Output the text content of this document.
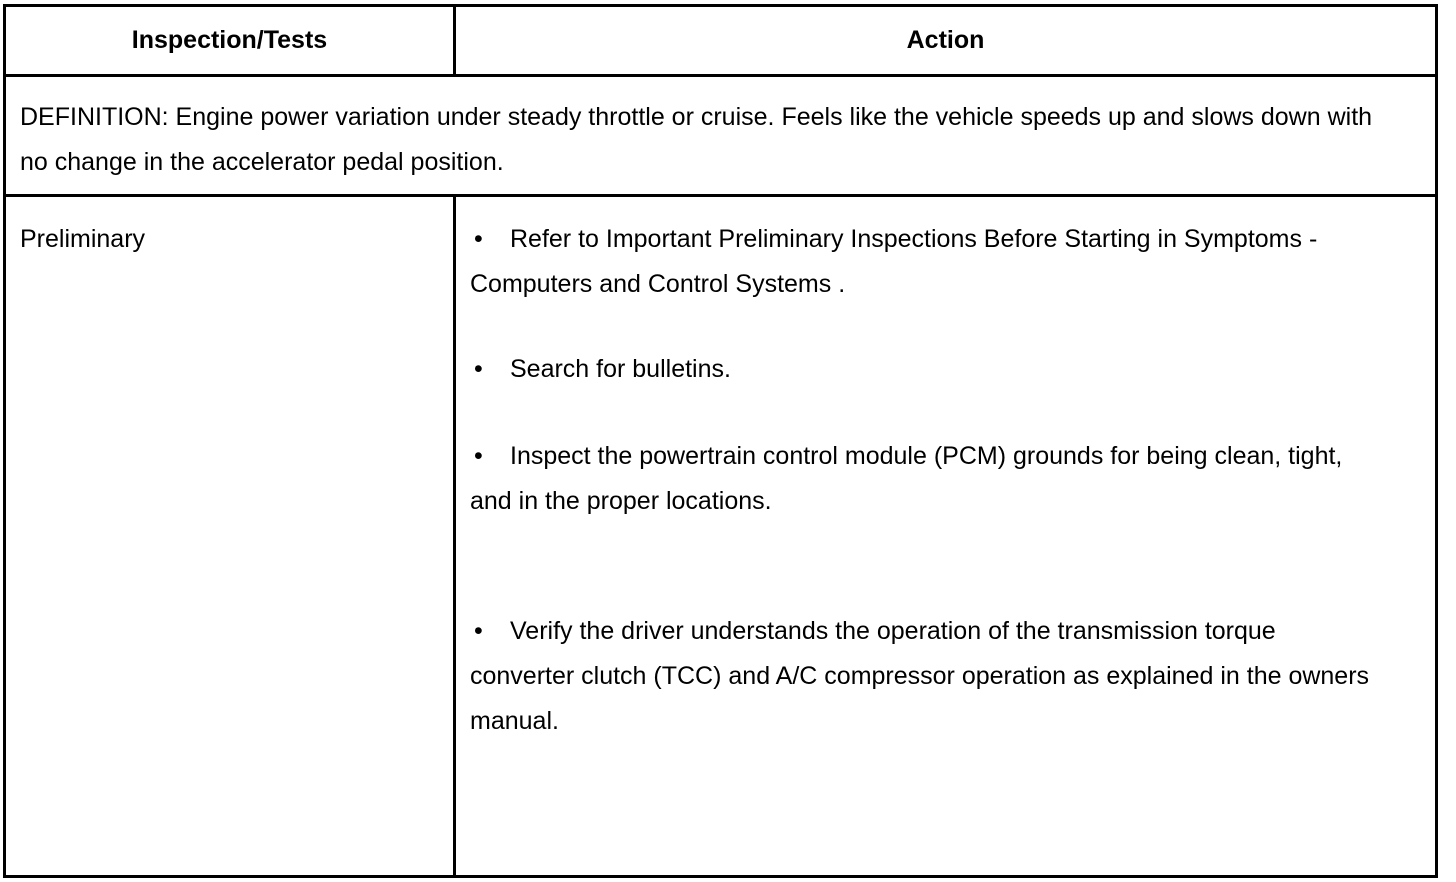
Inspection/Tests	Action
DEFINITION: Engine power variation under steady throttle or cruise. Feels like the vehicle speeds up and slows down with no change in the accelerator pedal position.
Preliminary	• Refer to Important Preliminary Inspections Before Starting in Symptoms - Computers and Control Systems .
• Search for bulletins.
• Inspect the powertrain control module (PCM) grounds for being clean, tight, and in the proper locations.
• Verify the driver understands the operation of the transmission torque converter clutch (TCC) and A/C compressor operation as explained in the owners manual.
